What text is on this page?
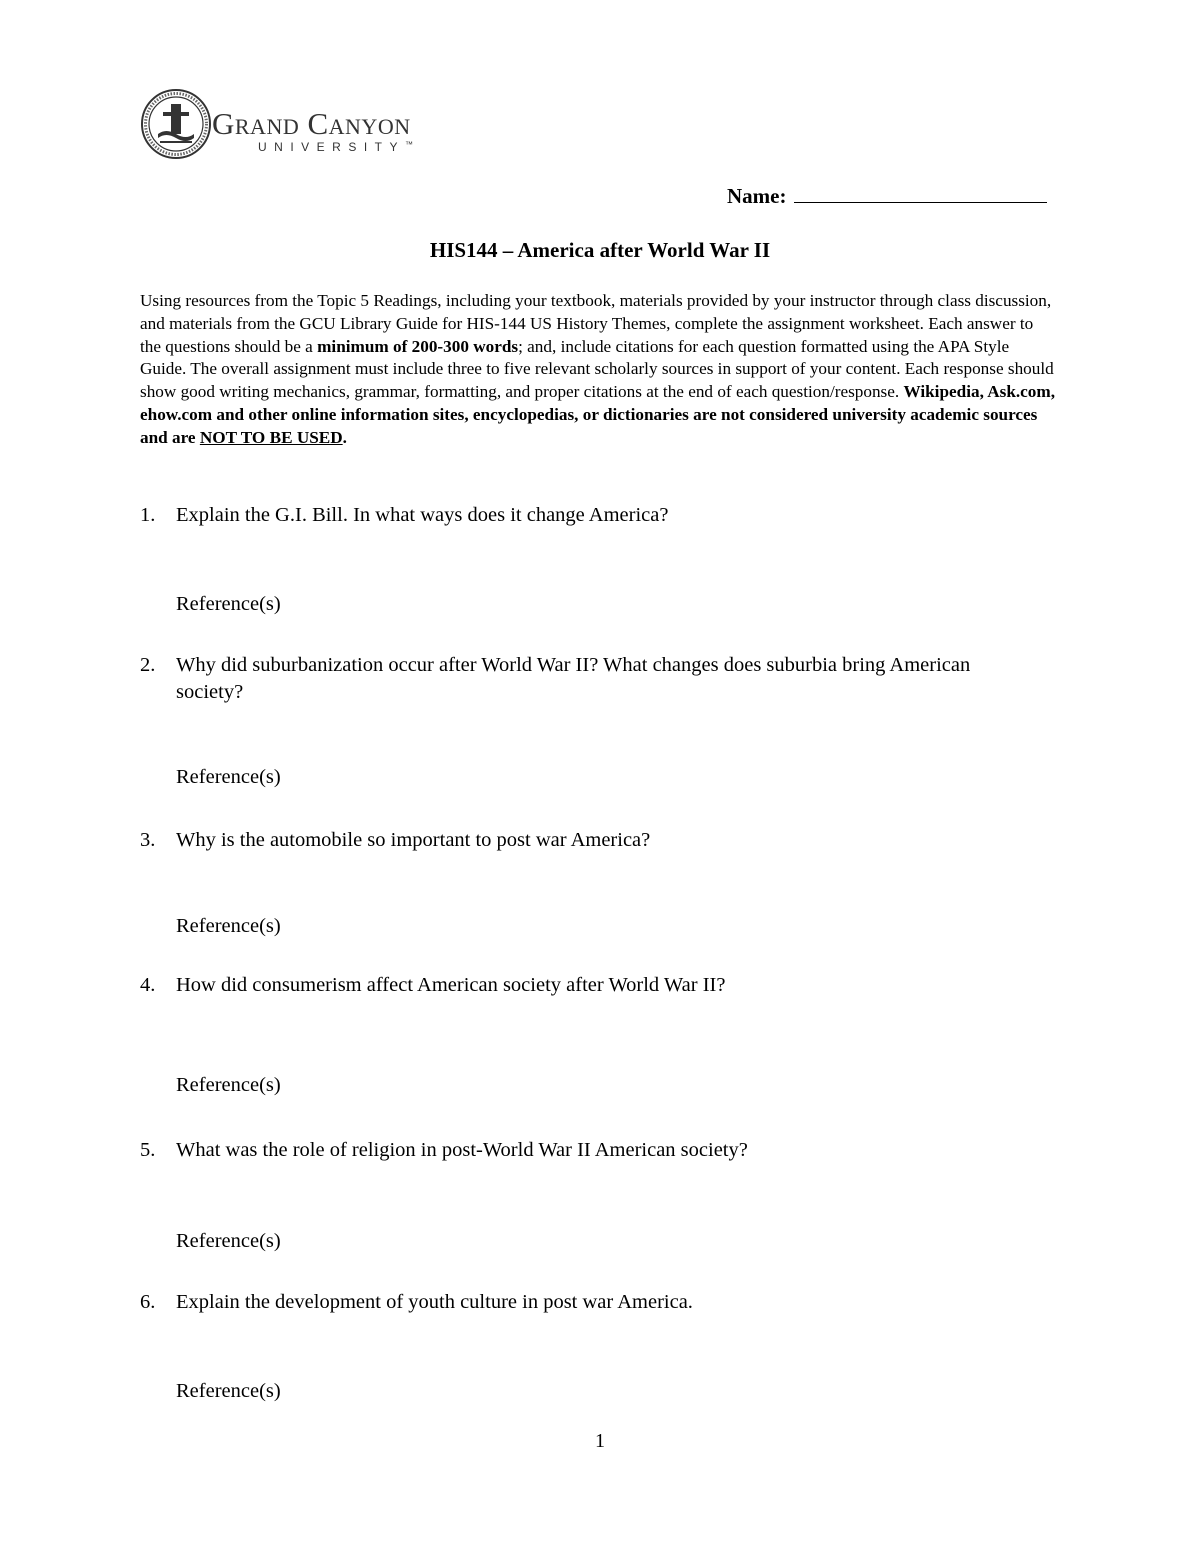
Grand Canyon
UNIVERSITY™
Name:
HIS144 – America after World War II
Using resources from the Topic 5 Readings, including your textbook, materials provided by your instructor through class discussion, and materials from the GCU Library Guide for HIS-144 US History Themes, complete the assignment worksheet. Each answer to the questions should be a minimum of 200-300 words; and, include citations for each question formatted using the APA Style Guide. The overall assignment must include three to five relevant scholarly sources in support of your content. Each response should show good writing mechanics, grammar, formatting, and proper citations at the end of each question/response. Wikipedia, Ask.com, ehow.com and other online information sites, encyclopedias, or dictionaries are not considered university academic sources and are NOT TO BE USED.
1. Explain the G.I. Bill. In what ways does it change America?
Reference(s)
2. Why did suburbanization occur after World War II? What changes does suburbia bring American society?
Reference(s)
3. Why is the automobile so important to post war America?
Reference(s)
4. How did consumerism affect American society after World War II?
Reference(s)
5. What was the role of religion in post-World War II American society?
Reference(s)
6. Explain the development of youth culture in post war America.
Reference(s)
1
